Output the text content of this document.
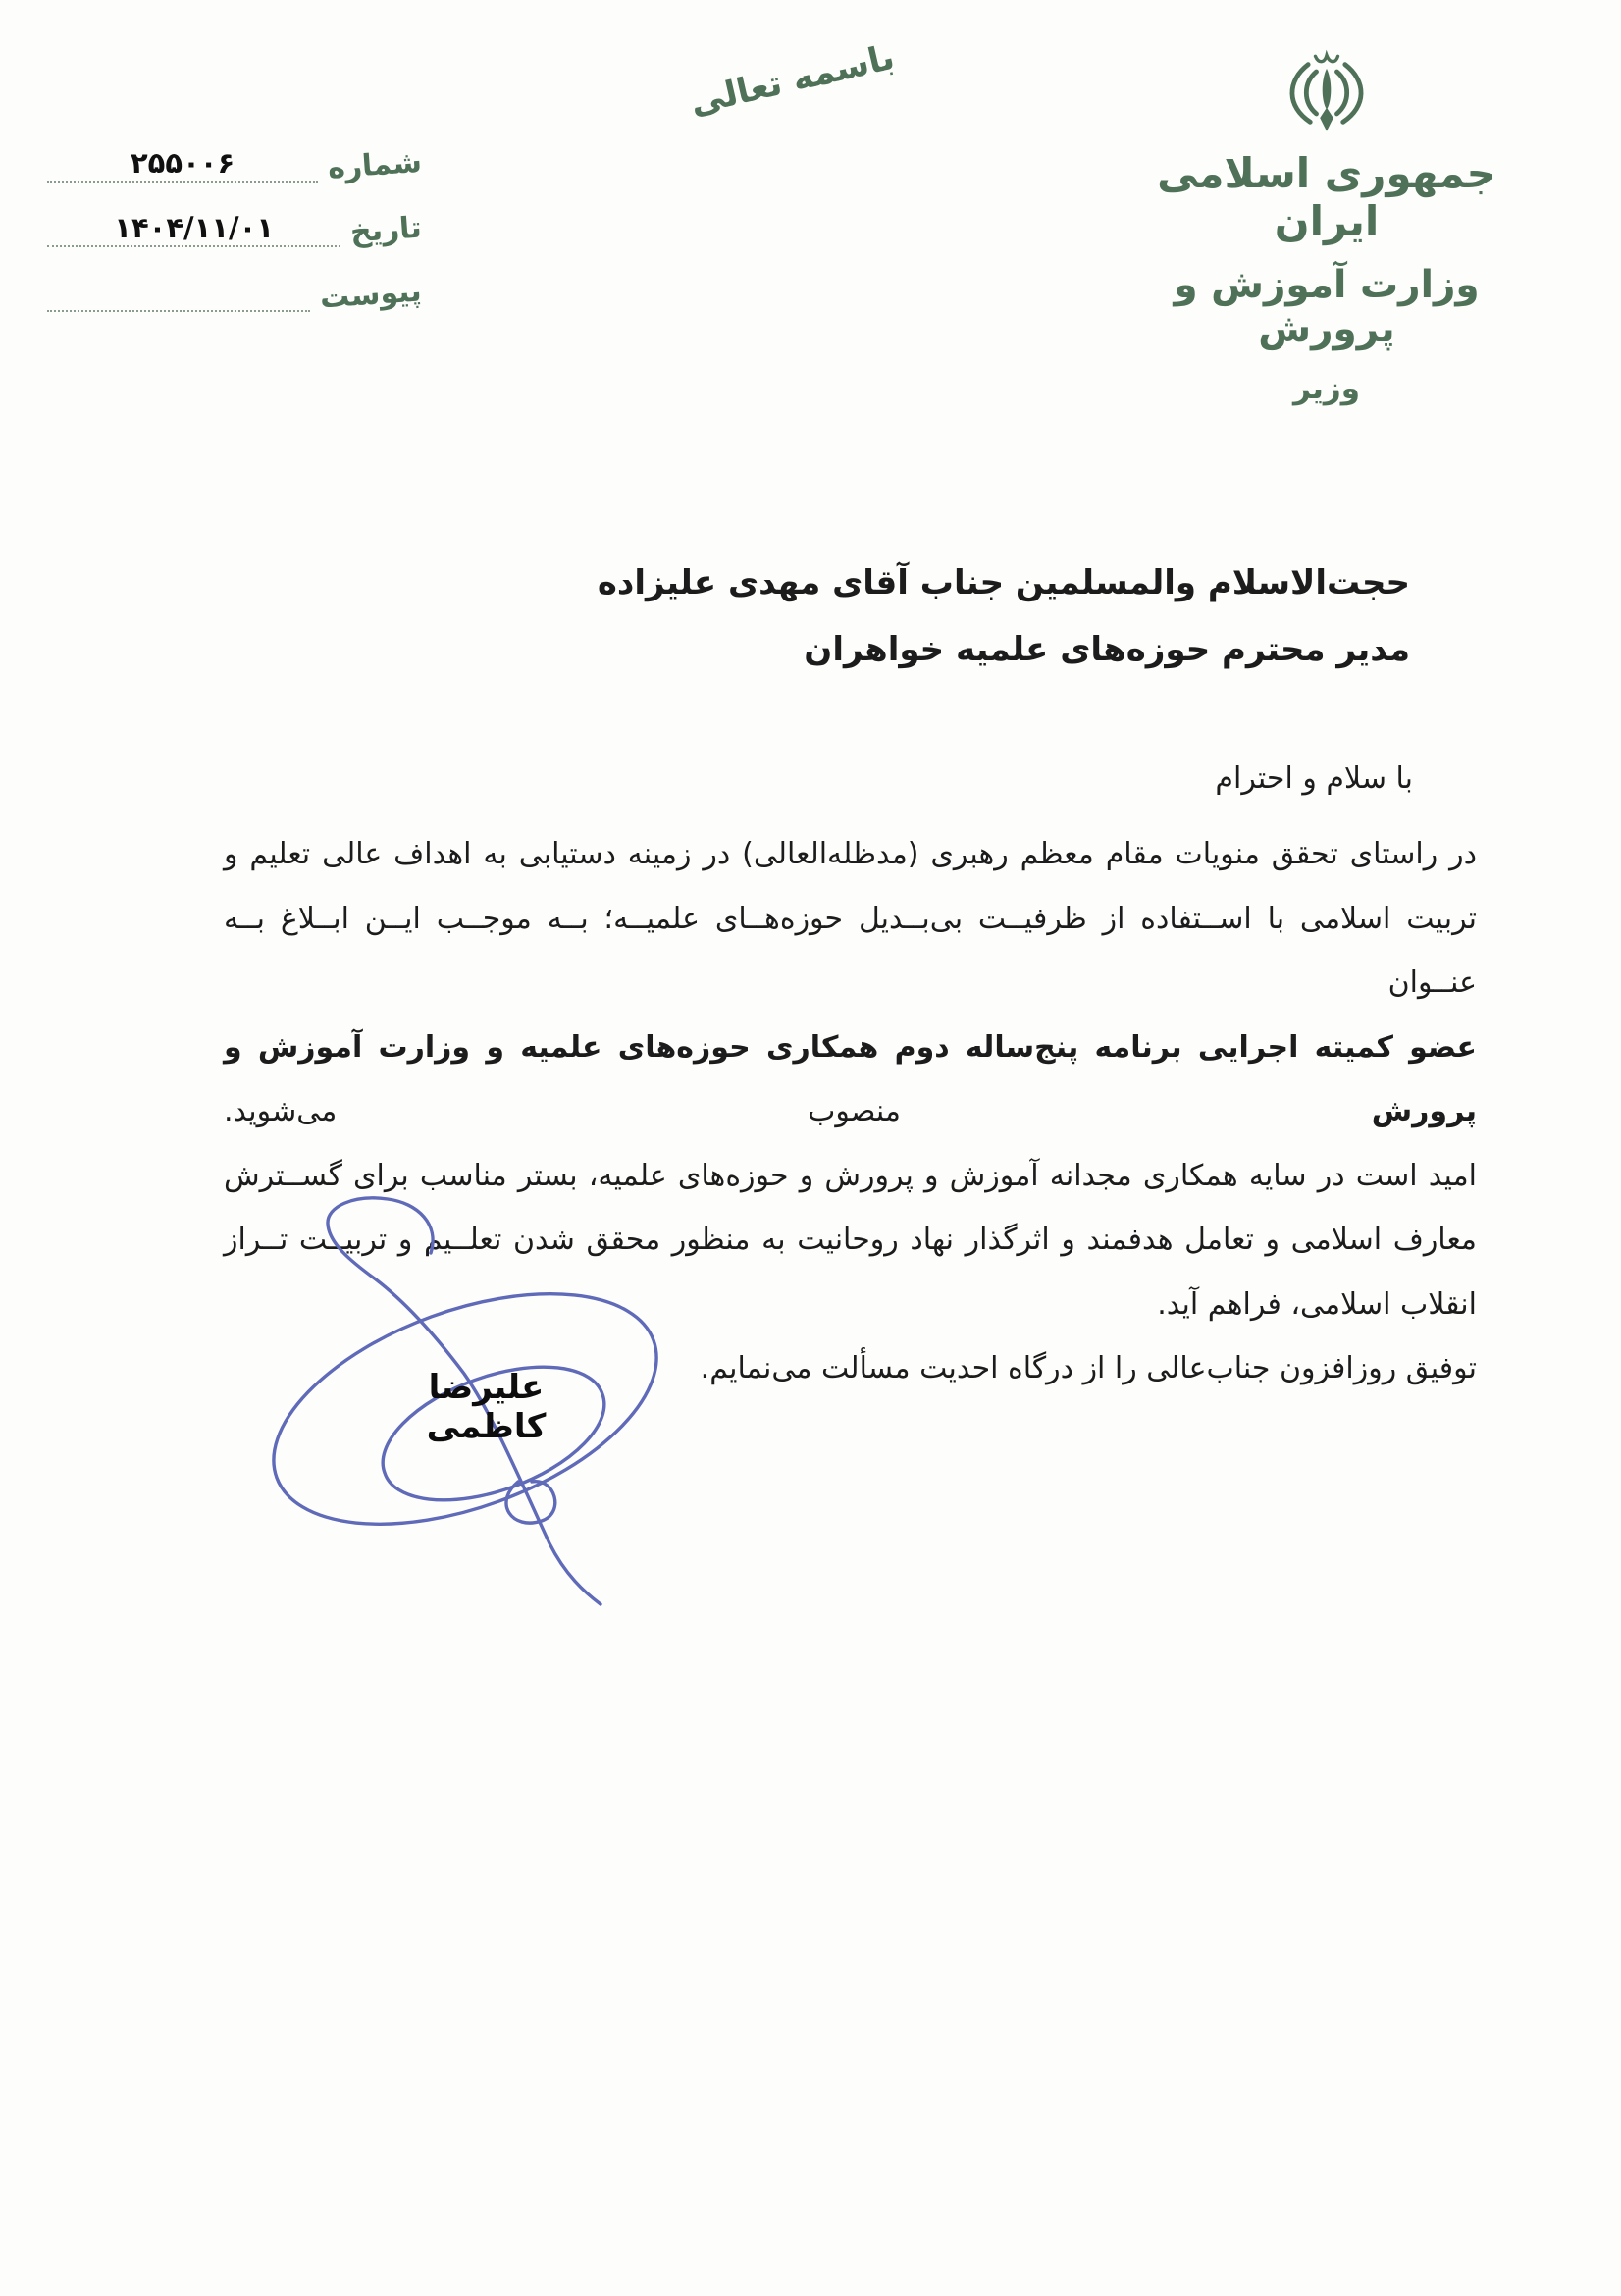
جمهوری اسلامی ایران
وزارت آموزش و پرورش
وزیر
باسمه تعالی
شماره
۲۵۵۰۰۶
تاریخ
۱۴۰۴/۱۱/۰۱
پیوست
حجت‌الاسلام والمسلمین جناب آقای مهدی علیزاده
مدیر محترم حوزه‌های علمیه خواهران
با سلام و احترام
در راستای تحقق منویات مقام معظم رهبری (مدظله‌العالی) در زمینه دستیابی به اهداف عالی تعلیم و
تربیت اسلامی با اســتفاده از ظرفیــت بی‌بــدیل حوزه‌هــای علمیــه؛ بــه موجــب ایــن ابــلاغ بــه عنــوان
عضو کمیته اجرایی برنامه پنج‌ساله دوم همکاری حوزه‌های علمیه و وزارت آموزش و پرورش منصوب می‌شوید.
امید است در سایه همکاری مجدانه آموزش و پرورش و حوزه‌های علمیه، بستر مناسب برای گســترش
معارف اسلامی و تعامل هدفمند و اثرگذار نهاد روحانیت به منظور محقق شدن تعلــیم و تربیــت تــراز
انقلاب اسلامی، فراهم آید.
توفیق روزافزون جناب‌عالی را از درگاه احدیت مسألت می‌نمایم.
علیرضا کاظمی
